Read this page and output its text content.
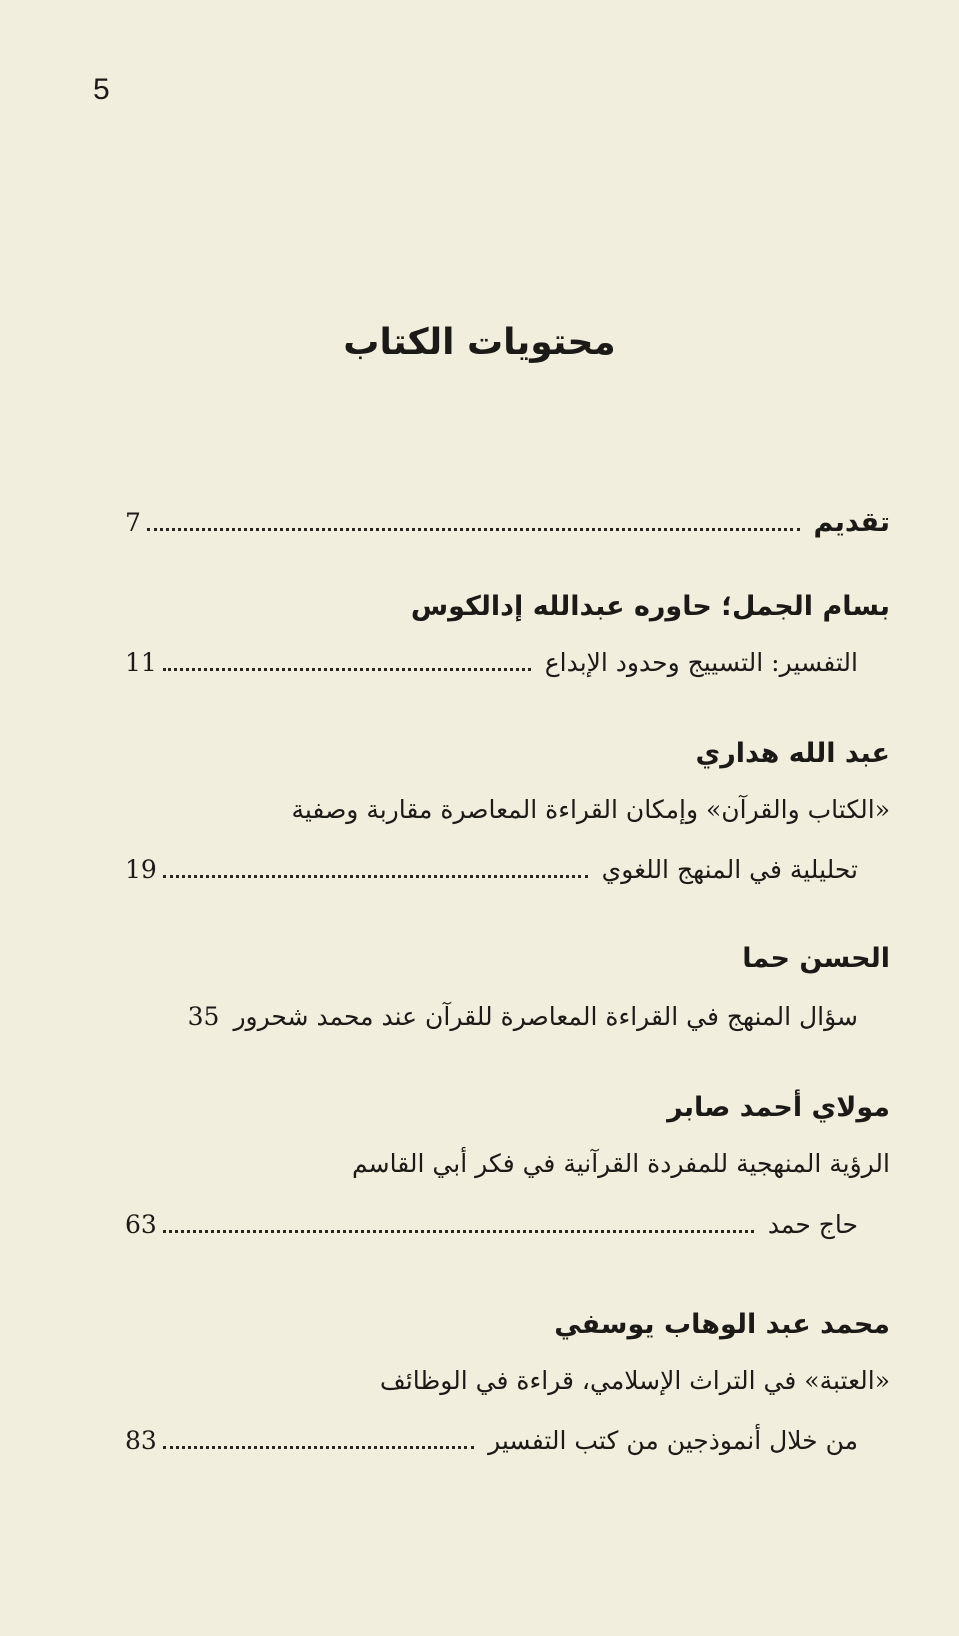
5
محتويات الكتاب
تقديم
7
بسام الجمل؛ حاوره عبدالله إدالكوس
التفسير: التسييج وحدود الإبداع
11
عبد الله هداري
«الكتاب والقرآن» وإمكان القراءة المعاصرة مقاربة وصفية
تحليلية في المنهج اللغوي
19
الحسن حما
سؤال المنهج في القراءة المعاصرة للقرآن عند محمد شحرور
35
مولاي أحمد صابر
الرؤية المنهجية للمفردة القرآنية في فكر أبي القاسم
حاج حمد
63
محمد عبد الوهاب يوسفي
«العتبة» في التراث الإسلامي، قراءة في الوظائف
من خلال أنموذجين من كتب التفسير
83
